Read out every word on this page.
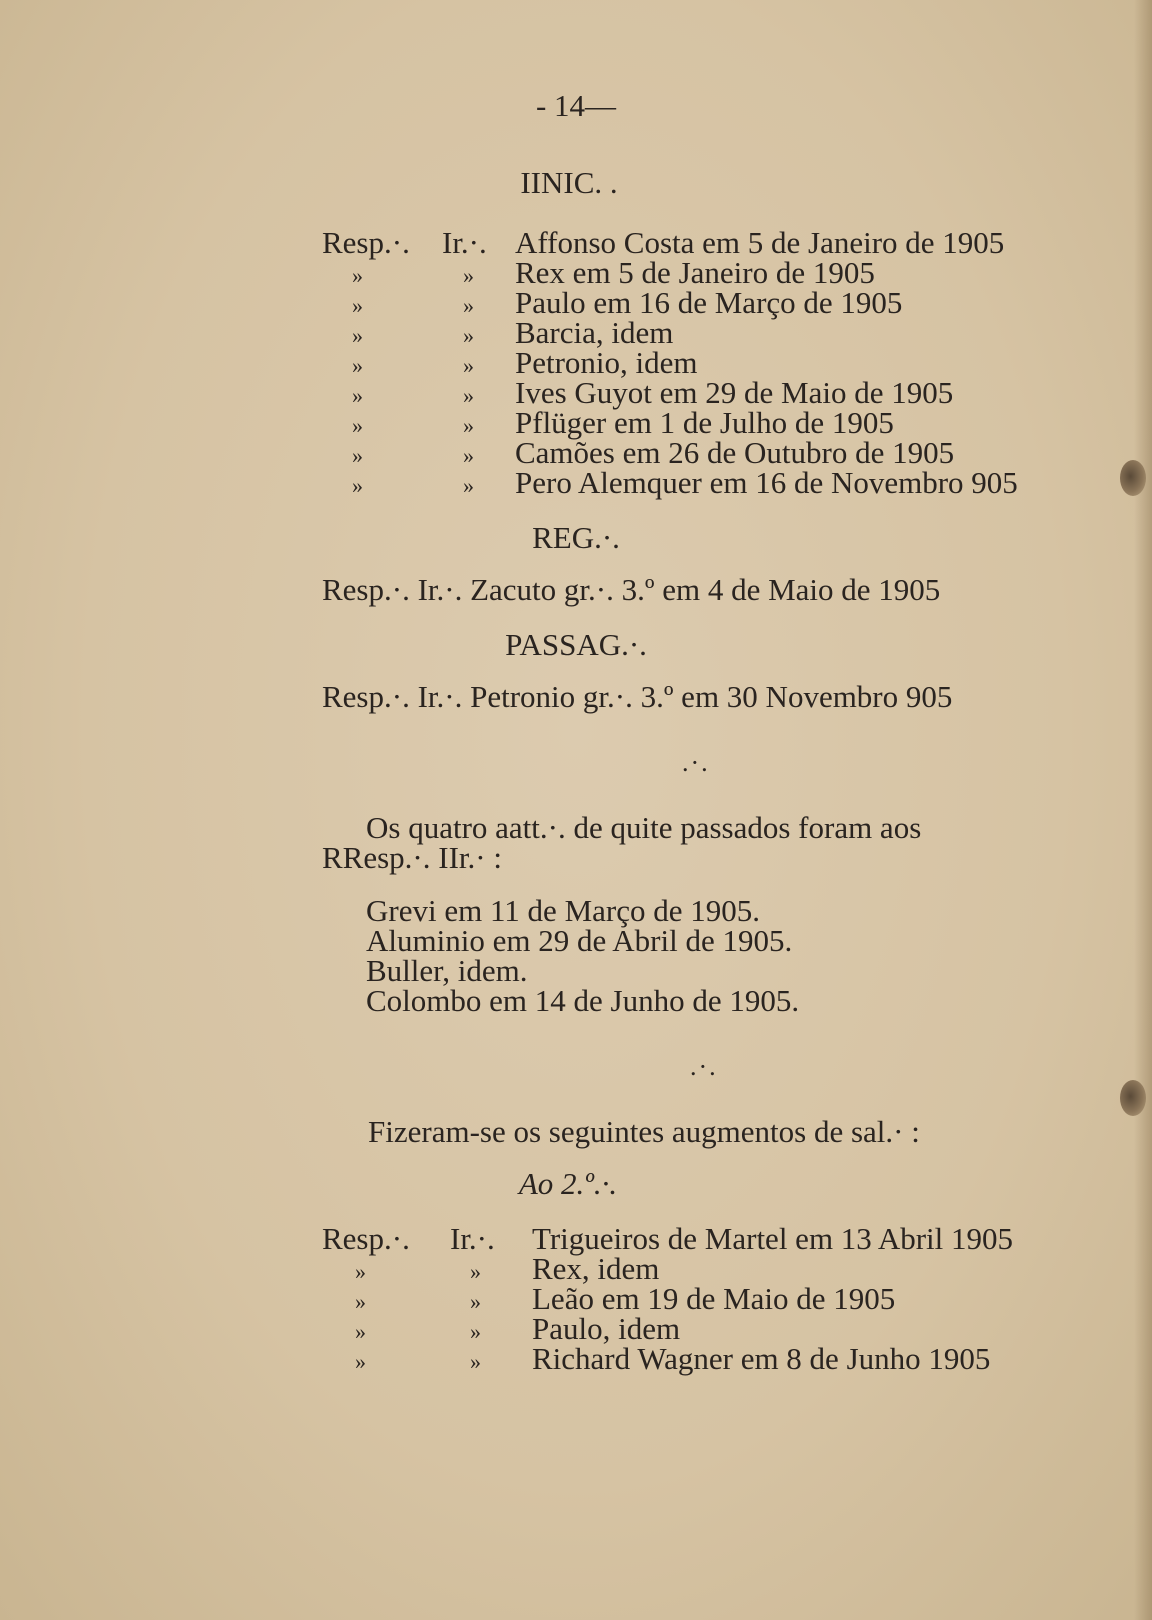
- 14—
IINIC. .
Resp.·. Ir.·. Affonso Costa em 5 de Janeiro de 1905
»	» Rex em 5 de Janeiro de 1905
»	» Paulo em 16 de Março de 1905
»	» Barcia, idem
»	» Petronio, idem
»	» Ives Guyot em 29 de Maio de 1905
»	» Pflüger em 1 de Julho de 1905
»	» Camões em 26 de Outubro de 1905
»	» Pero Alemquer em 16 de Novembro 905
REG.·.
Resp.·. Ir.·. Zacuto gr.·. 3.º em 4 de Maio de 1905
PASSAG.·.
Resp.·. Ir.·. Petronio gr.·. 3.º em 30 Novembro 905
.·.
Os quatro aatt.·. de quite passados foram aos
RResp.·. IIr.· :
Grevi em 11 de Março de 1905.
Aluminio em 29 de Abril de 1905.
Buller, idem.
Colombo em 14 de Junho de 1905.
.·.
Fizeram-se os seguintes augmentos de sal.· :
Ao 2.º.·.
Resp.·. Ir.·. Trigueiros de Martel em 13 Abril 1905
»	» Rex, idem
»	» Leão em 19 de Maio de 1905
»	» Paulo, idem
»	» Richard Wagner em 8 de Junho 1905
